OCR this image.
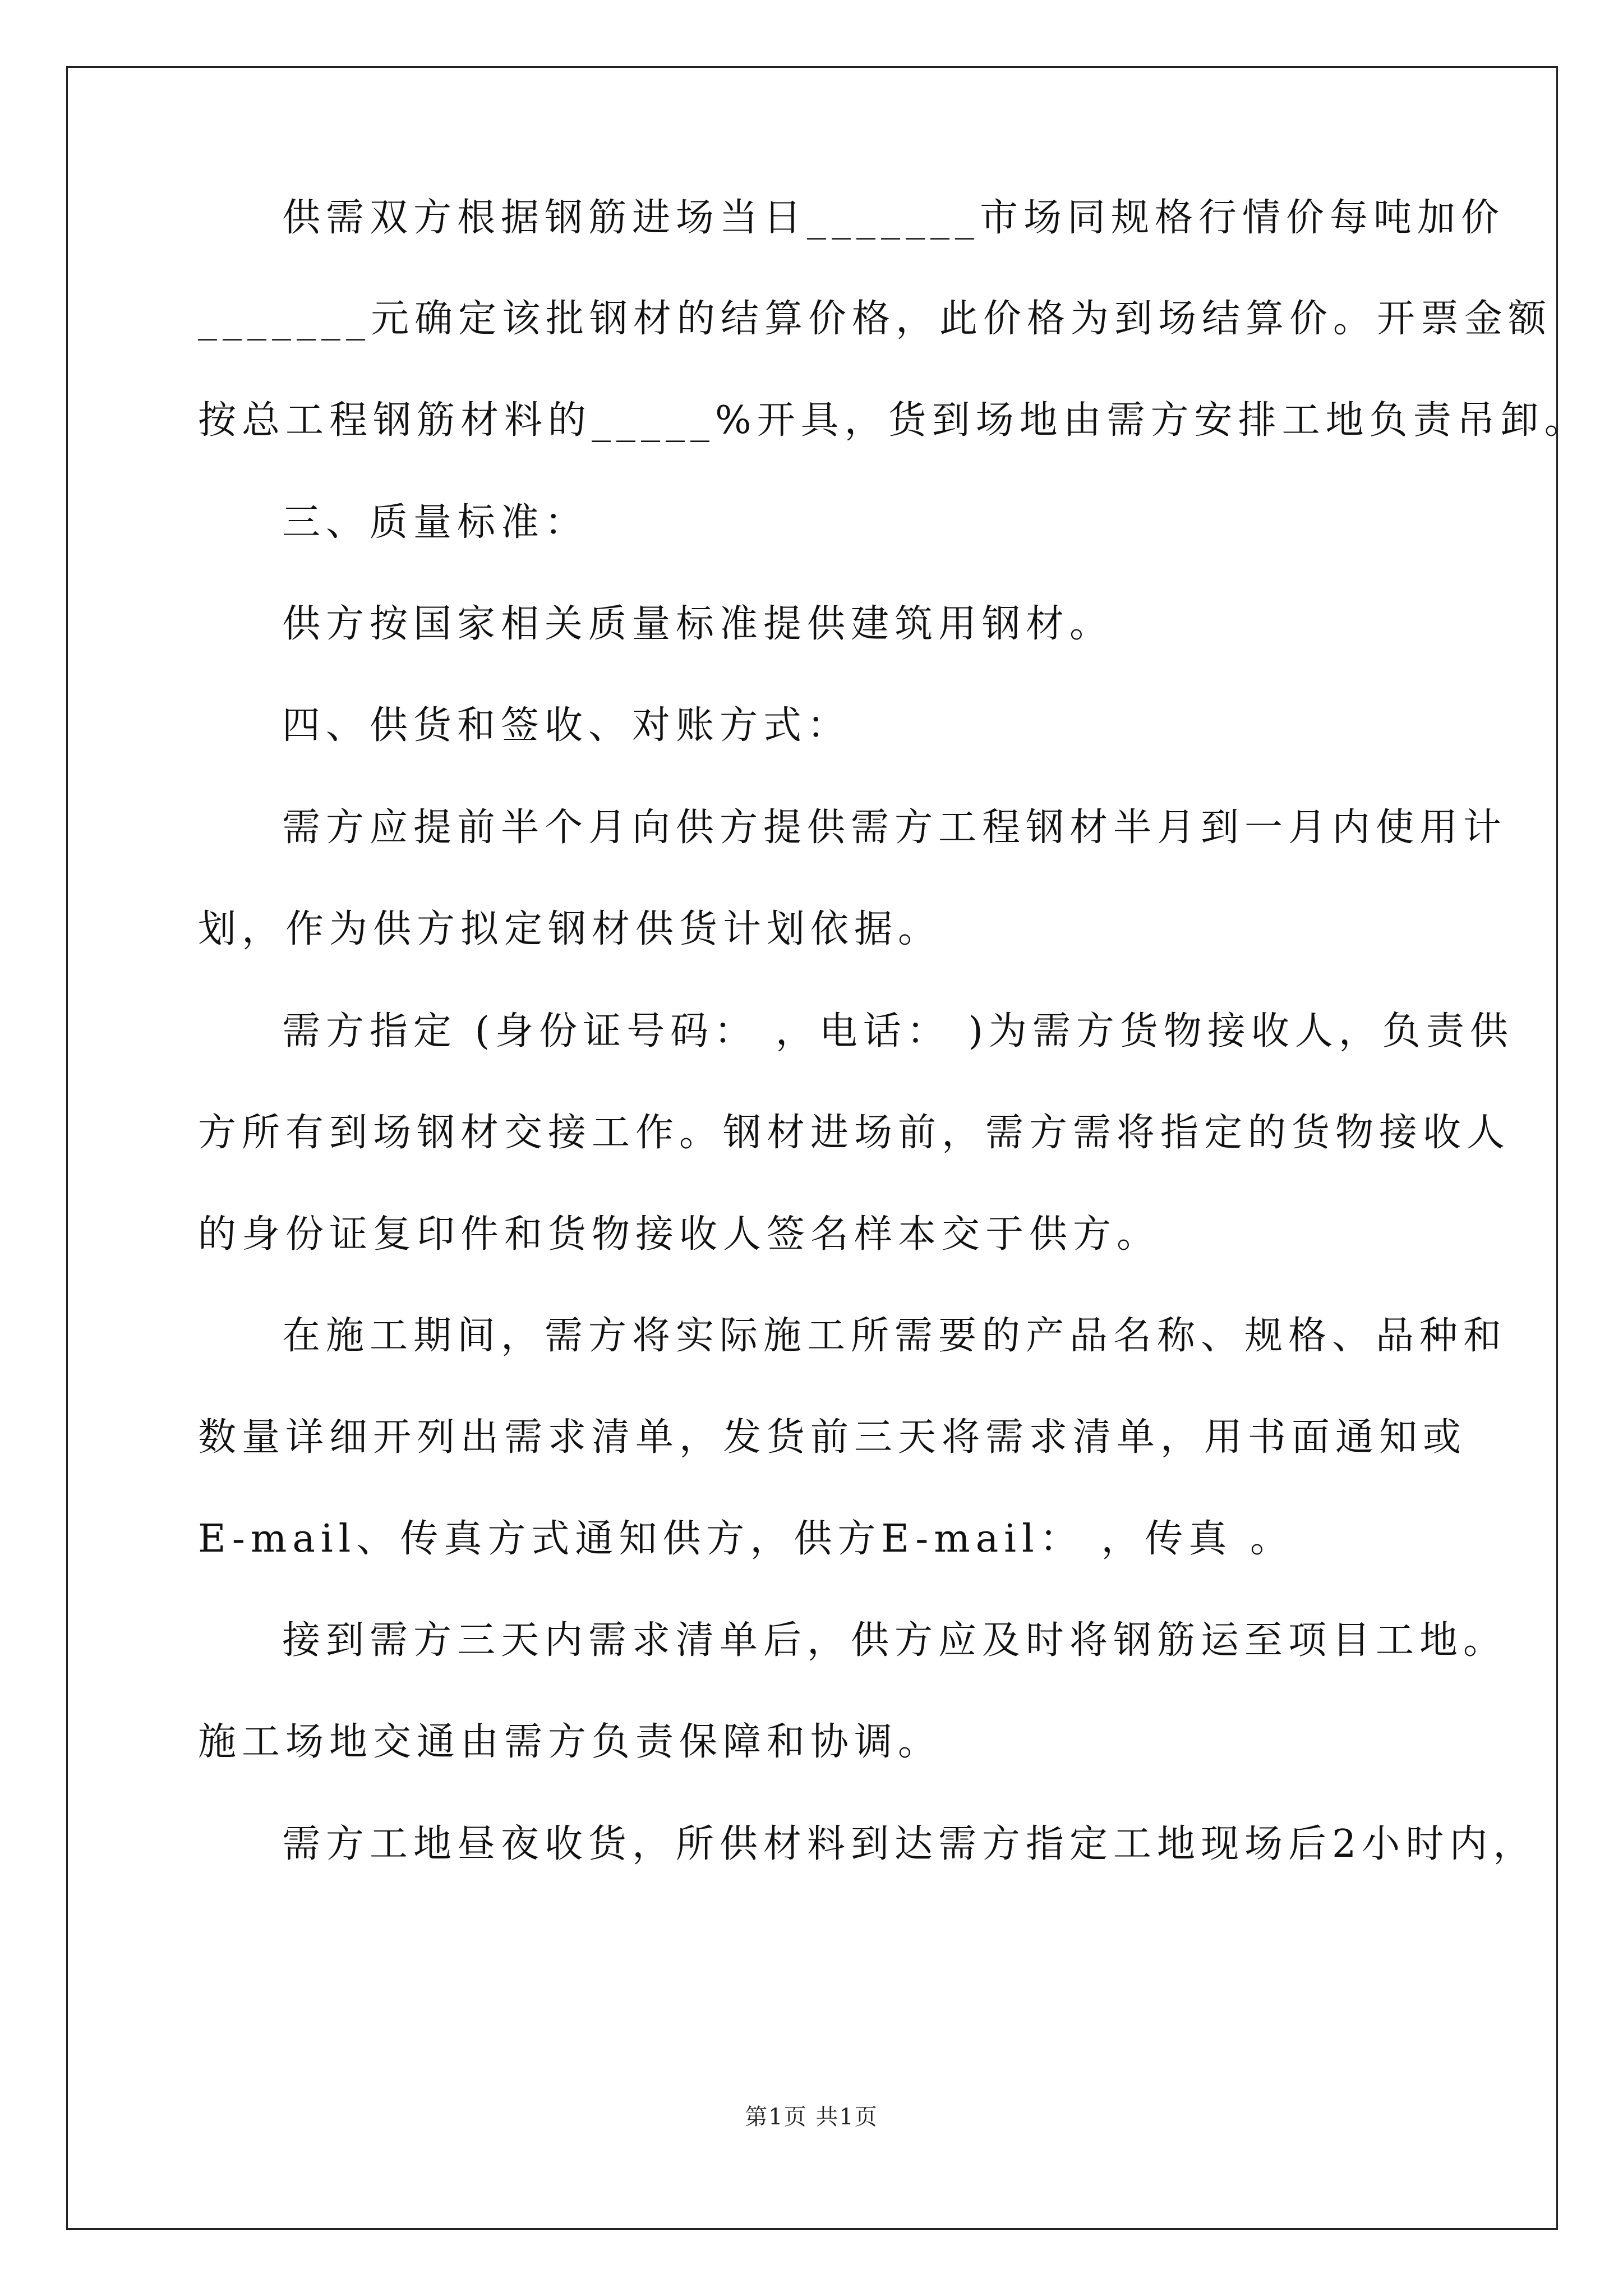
供需双方根据钢筋进场当日_______市场同规格行情价每吨加价
_______元确定该批钢材的结算价格，此价格为到场结算价。开票金额
按总工程钢筋材料的_____%开具，货到场地由需方安排工地负责吊卸。
三、质量标准：
供方按国家相关质量标准提供建筑用钢材。
四、供货和签收、对账方式：
需方应提前半个月向供方提供需方工程钢材半月到一月内使用计
划，作为供方拟定钢材供货计划依据。
需方指定 (身份证号码： ，电话： )为需方货物接收人，负责供
方所有到场钢材交接工作。钢材进场前，需方需将指定的货物接收人
的身份证复印件和货物接收人签名样本交于供方。
在施工期间，需方将实际施工所需要的产品名称、规格、品种和
数量详细开列出需求清单，发货前三天将需求清单，用书面通知或
E-mail、传真方式通知供方，供方E-mail： ，传真 。
接到需方三天内需求清单后，供方应及时将钢筋运至项目工地。
施工场地交通由需方负责保障和协调。
需方工地昼夜收货，所供材料到达需方指定工地现场后2小时内，
第1页 共1页
